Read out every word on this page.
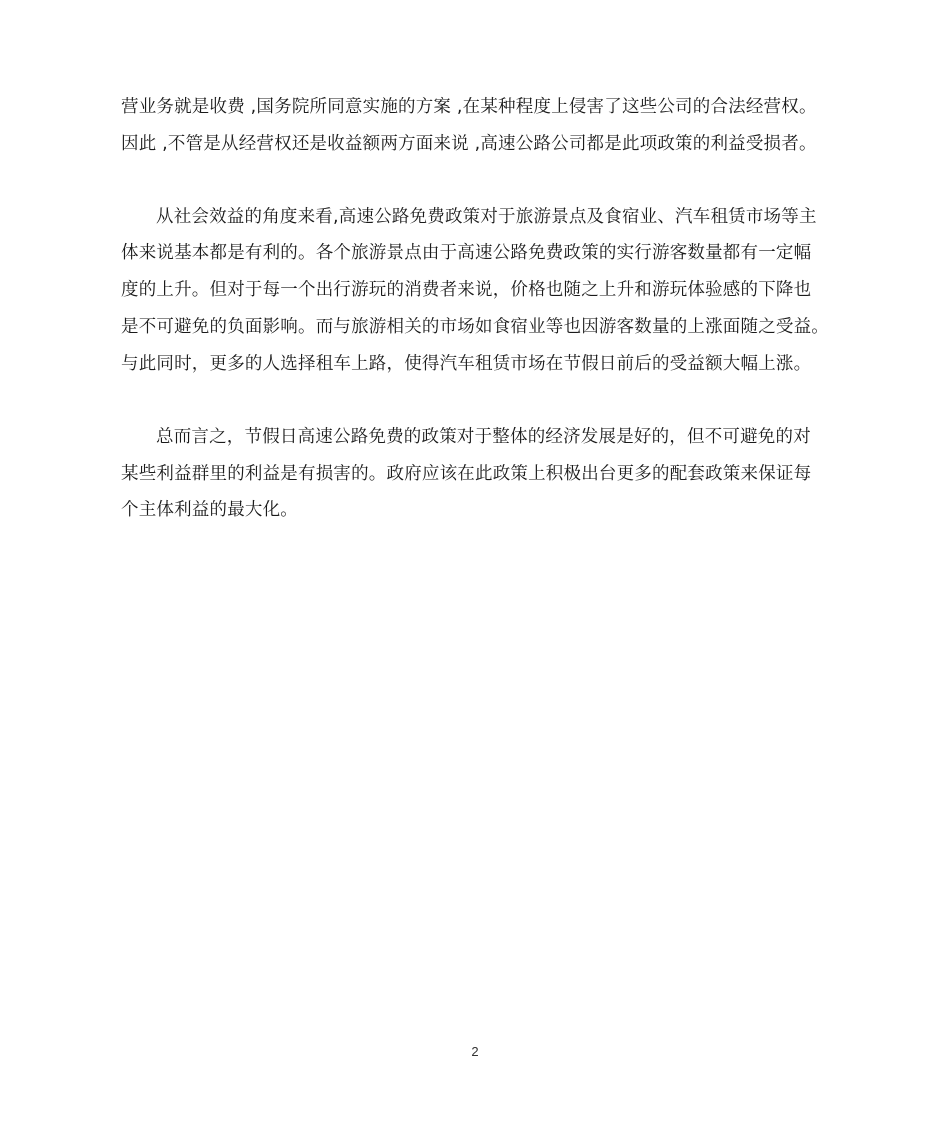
营业务就是收费 ,国务院所同意实施的方案 ,在某种程度上侵害了这些公司的合法经营权。
因此 ,不管是从经营权还是收益额两方面来说 ,高速公路公司都是此项政策的利益受损者。
从社会效益的角度来看,高速公路免费政策对于旅游景点及食宿业、汽车租赁市场等主
体来说基本都是有利的。各个旅游景点由于高速公路免费政策的实行游客数量都有一定幅
度的上升。但对于每一个出行游玩的消费者来说，价格也随之上升和游玩体验感的下降也
是不可避免的负面影响。而与旅游相关的市场如食宿业等也因游客数量的上涨面随之受益。
与此同时，更多的人选择租车上路，使得汽车租赁市场在节假日前后的受益额大幅上涨。
总而言之，节假日高速公路免费的政策对于整体的经济发展是好的，但不可避免的对
某些利益群里的利益是有损害的。政府应该在此政策上积极出台更多的配套政策来保证每
个主体利益的最大化。
2
